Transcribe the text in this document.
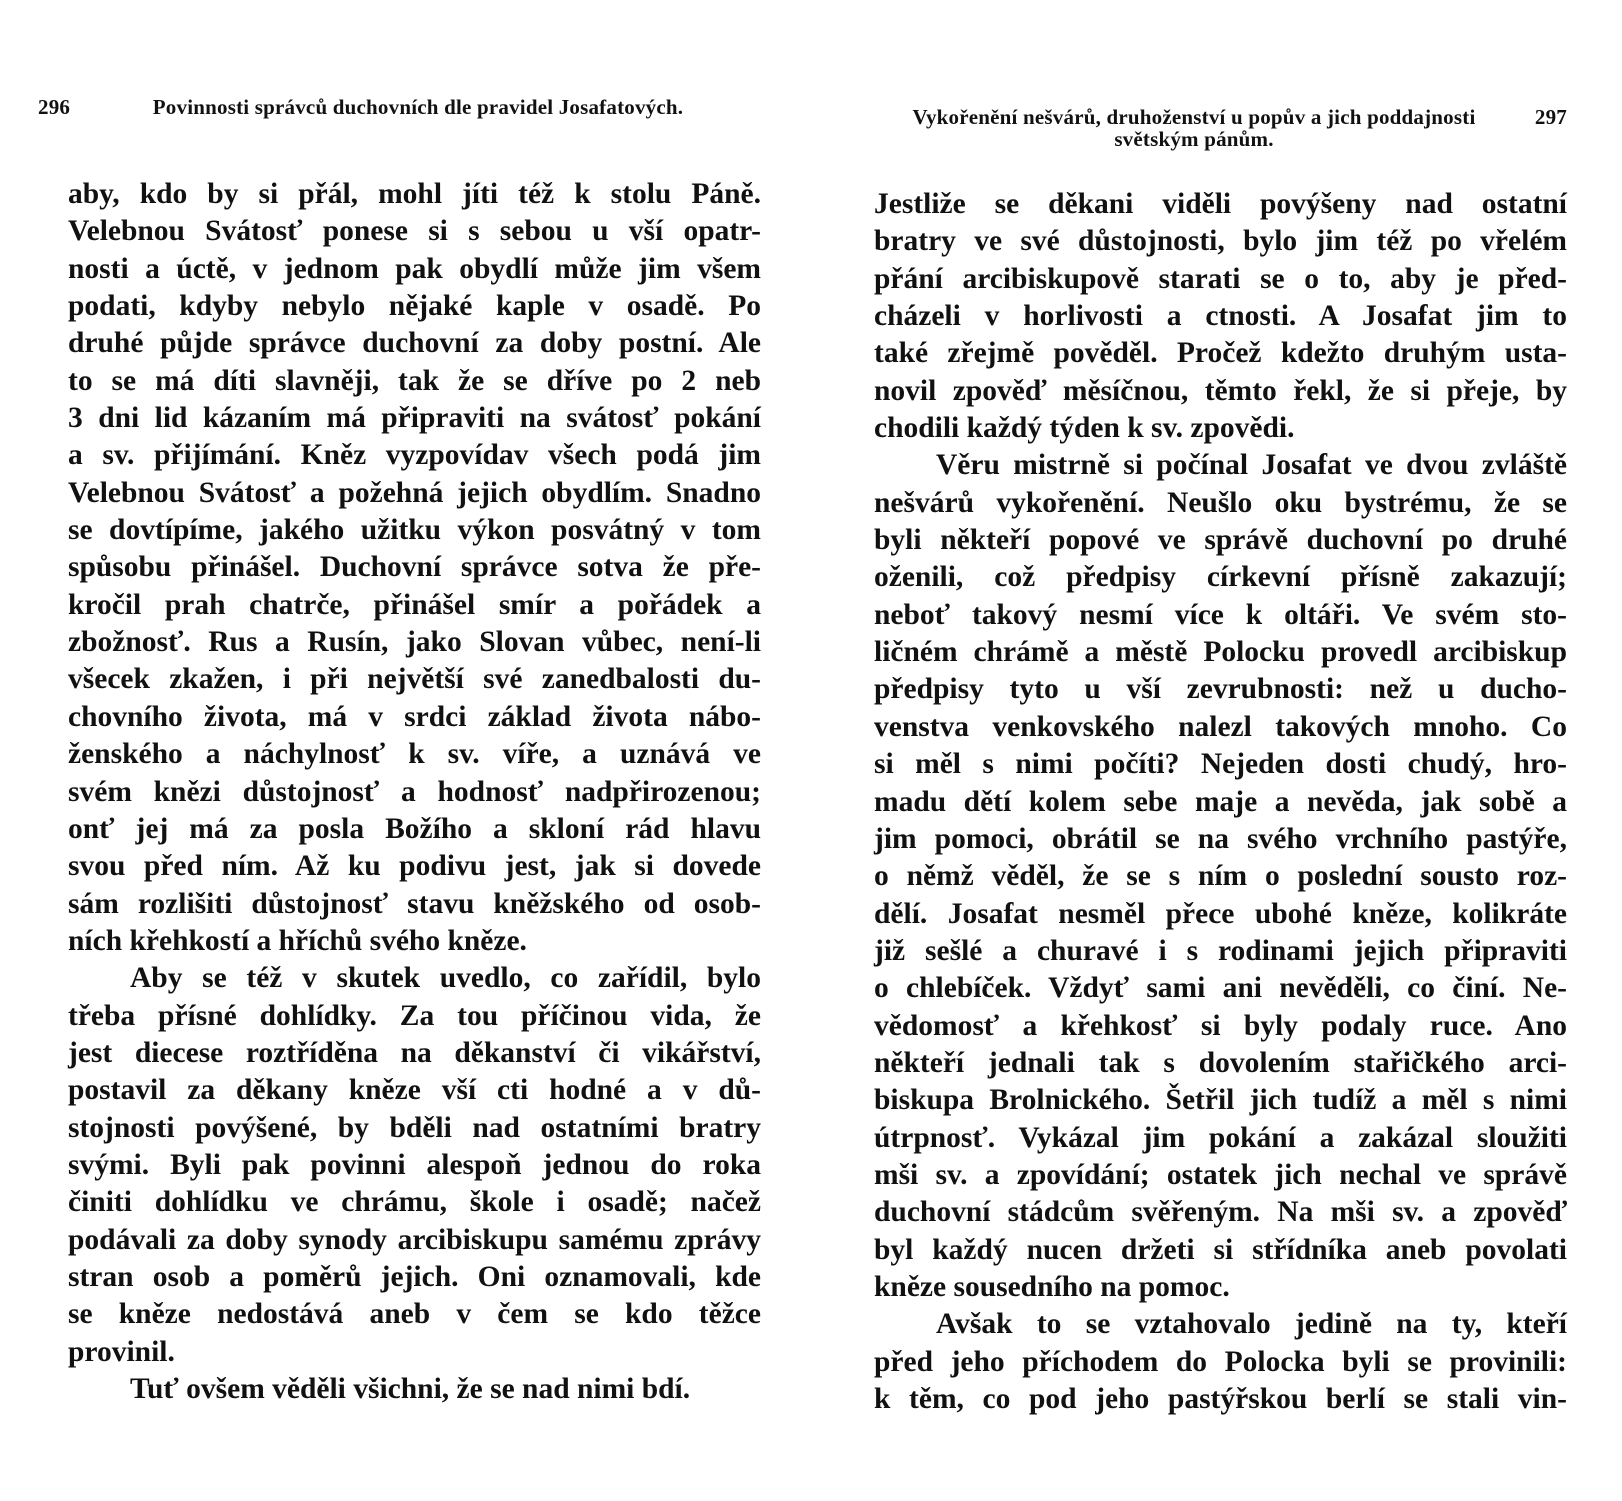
296	Povinnosti správců duchovních dle pravidel Josafatových.
aby, kdo by si přál, mohl jíti též k stolu Páně.
Velebnou Svátosť ponese si s sebou u vší opatr-
nosti a úctě, v jednom pak obydlí může jim všem
podati, kdyby nebylo nějaké kaple v osadě. Po
druhé půjde správce duchovní za doby postní. Ale
to se má díti slavněji, tak že se dříve po 2 neb
3 dni lid kázaním má připraviti na svátosť pokání
a sv. přijímání. Kněz vyzpovídav všech podá jim
Velebnou Svátosť a požehná jejich obydlím. Snadno
se dovtípíme, jakého užitku výkon posvátný v tom
spůsobu přinášel. Duchovní správce sotva že pře-
kročil prah chatrče, přinášel smír a pořádek a
zbožnosť. Rus a Rusín, jako Slovan vůbec, není-li
všecek zkažen, i při největší své zanedbalosti du-
chovního života, má v srdci základ života nábo-
ženského a náchylnosť k sv. víře, a uznává ve
svém knězi důstojnosť a hodnosť nadpřirozenou;
onť jej má za posla Božího a skloní rád hlavu
svou před ním. Až ku podivu jest, jak si dovede
sám rozlišiti důstojnosť stavu kněžského od osob-
ních křehkostí a hříchů svého kněze.
Aby se též v skutek uvedlo, co zařídil, bylo
třeba přísné dohlídky. Za tou příčinou vida, že
jest diecese roztříděna na děkanství či vikářství,
postavil za děkany kněze vší cti hodné a v dů-
stojnosti povýšené, by bděli nad ostatními bratry
svými. Byli pak povinni alespoň jednou do roka
činiti dohlídku ve chrámu, škole i osadě; načež
podávali za doby synody arcibiskupu samému zprávy
stran osob a poměrů jejich. Oni oznamovali, kde
se kněze nedostává aneb v čem se kdo těžce
provinil.
Tuť ovšem věděli všichni, že se nad nimi bdí.
Vykořenění nešvárů, druhoženství u popův a jich poddajnosti světským pánům.
297
Jestliže se děkani viděli povýšeny nad ostatní
bratry ve své důstojnosti, bylo jim též po vřelém
přání arcibiskupově starati se o to, aby je před-
cházeli v horlivosti a ctnosti. A Josafat jim to
také zřejmě pověděl. Pročež kdežto druhým usta-
novil zpověď měsíčnou, těmto řekl, že si přeje, by
chodili každý týden k sv. zpovědi.
Věru mistrně si počínal Josafat ve dvou zvláště
nešvárů vykořenění. Neušlo oku bystrému, že se
byli někteří popové ve správě duchovní po druhé
oženili, což předpisy církevní přísně zakazují;
neboť takový nesmí více k oltáři. Ve svém sto-
ličném chrámě a městě Polocku provedl arcibiskup
předpisy tyto u vší zevrubnosti: než u ducho-
venstva venkovského nalezl takových mnoho. Co
si měl s nimi počíti? Nejeden dosti chudý, hro-
madu dětí kolem sebe maje a nevěda, jak sobě a
jim pomoci, obrátil se na svého vrchního pastýře,
o němž věděl, že se s ním o poslední sousto roz-
dělí. Josafat nesměl přece ubohé kněze, kolikráte
již sešlé a churavé i s rodinami jejich připraviti
o chlebíček. Vždyť sami ani nevěděli, co činí. Ne-
vědomosť a křehkosť si byly podaly ruce. Ano
někteří jednali tak s dovolením stařičkého arci-
biskupa Brolnického. Šetřil jich tudíž a měl s nimi
útrpnosť. Vykázal jim pokání a zakázal sloužiti
mši sv. a zpovídání; ostatek jich nechal ve správě
duchovní stádcům svěřeným. Na mši sv. a zpověď
byl každý nucen držeti si střídníka aneb povolati
kněze sousedního na pomoc.
Avšak to se vztahovalo jedině na ty, kteří
před jeho příchodem do Polocka byli se provinili:
k těm, co pod jeho pastýřskou berlí se stali vin-
